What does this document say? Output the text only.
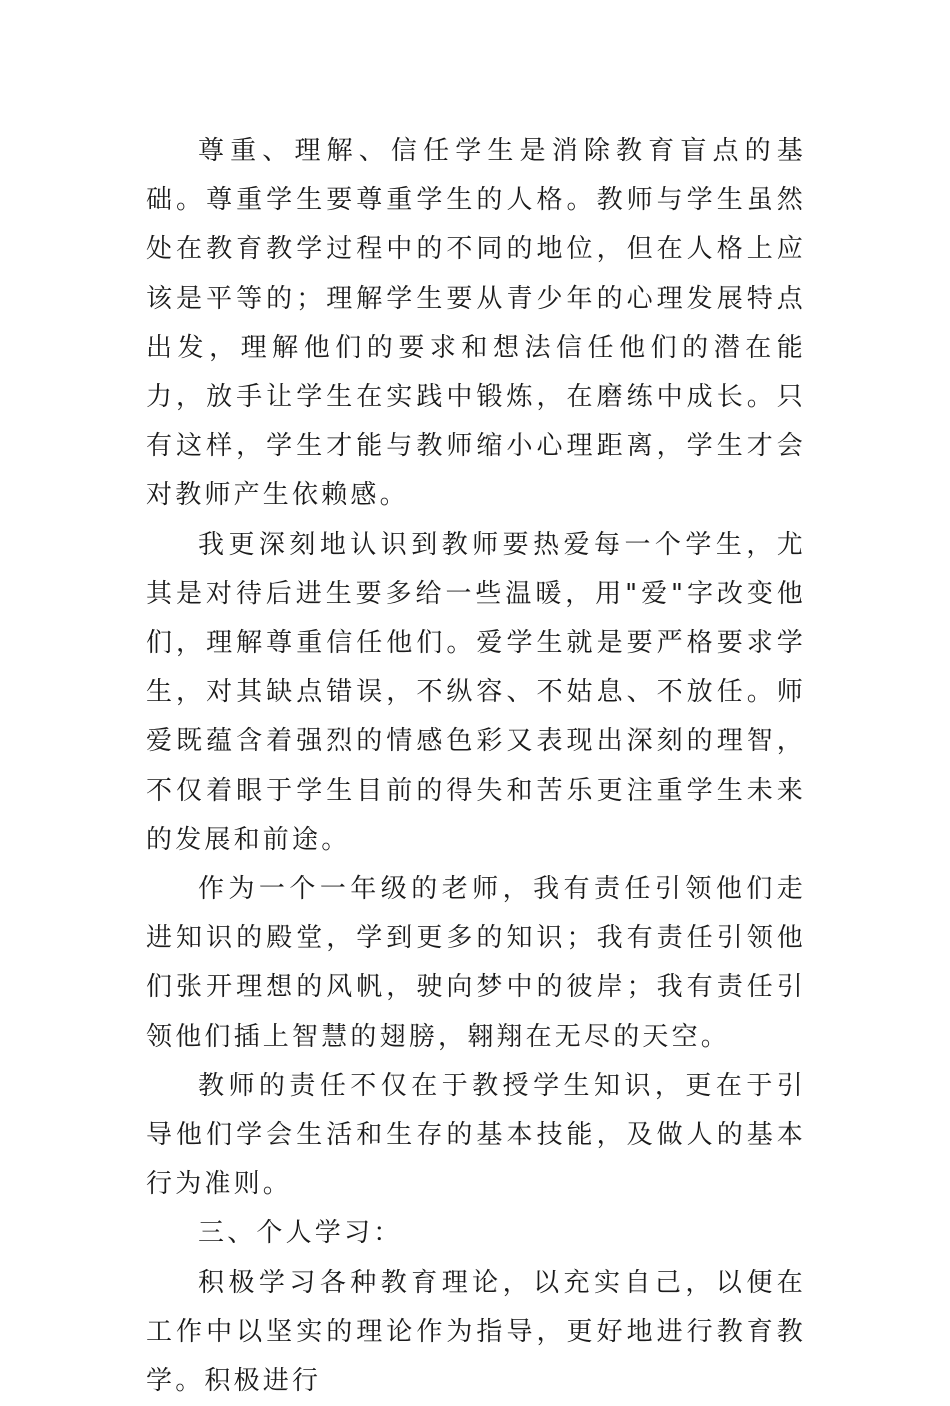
尊重、理解、信任学生是消除教育盲点的基础。尊重学生要尊重学生的人格。教师与学生虽然处在教育教学过程中的不同的地位，但在人格上应该是平等的；理解学生要从青少年的心理发展特点出发，理解他们的要求和想法信任他们的潜在能力，放手让学生在实践中锻炼，在磨练中成长。只有这样，学生才能与教师缩小心理距离，学生才会对教师产生依赖感。

我更深刻地认识到教师要热爱每一个学生，尤其是对待后进生要多给一些温暖，用"爱"字改变他们，理解尊重信任他们。爱学生就是要严格要求学生，对其缺点错误，不纵容、不姑息、不放任。师爱既蕴含着强烈的情感色彩又表现出深刻的理智，不仅着眼于学生目前的得失和苦乐更注重学生未来的发展和前途。

作为一个一年级的老师，我有责任引领他们走进知识的殿堂，学到更多的知识；我有责任引领他们张开理想的风帆，驶向梦中的彼岸；我有责任引领他们插上智慧的翅膀，翱翔在无尽的天空。

教师的责任不仅在于教授学生知识，更在于引导他们学会生活和生存的基本技能，及做人的基本行为准则。

三、个人学习：

积极学习各种教育理论，以充实自己，以便在工作中以坚实的理论作为指导，更好地进行教育教学。积极进行
